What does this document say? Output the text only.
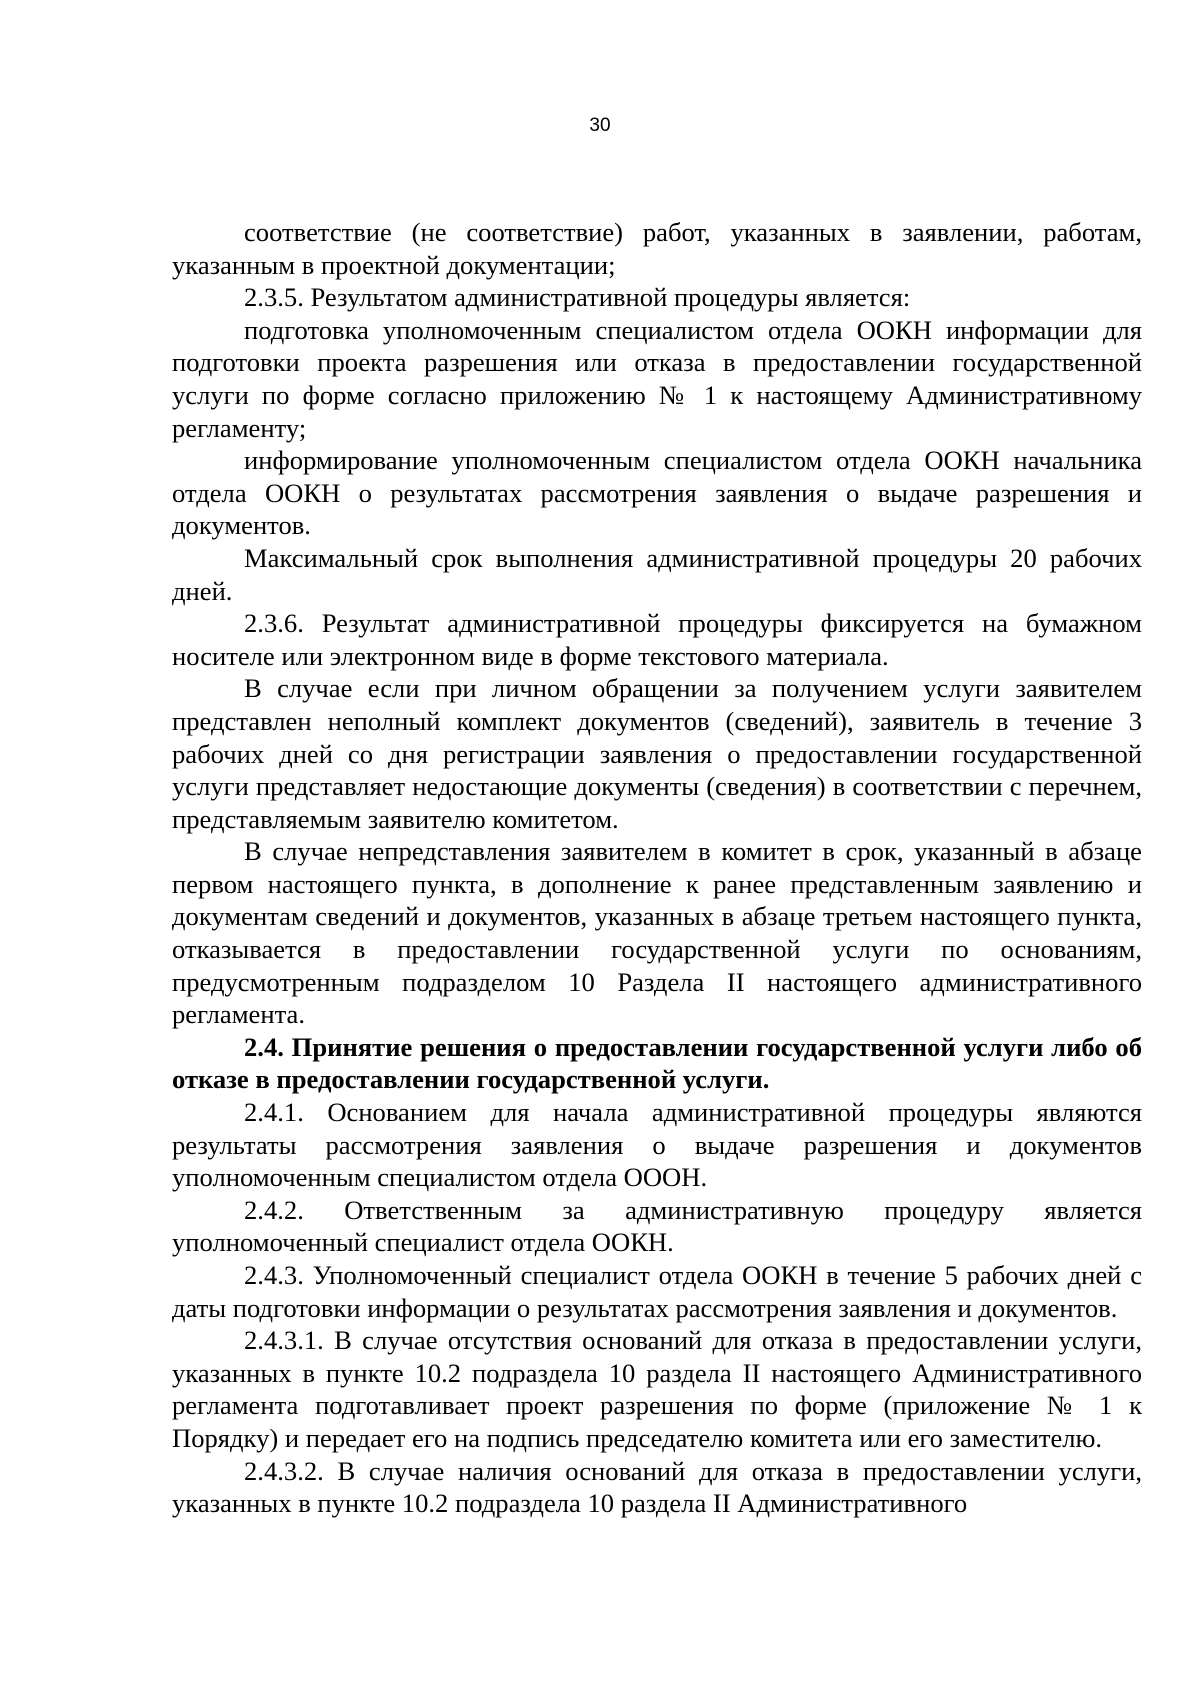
30

соответствие (не соответствие) работ, указанных в заявлении, работам, указанным в проектной документации;

2.3.5. Результатом административной процедуры является:

подготовка уполномоченным специалистом отдела ООКН информации для подготовки проекта разрешения или отказа в предоставлении государственной услуги по форме согласно приложению № 1 к настоящему Административному регламенту;

информирование уполномоченным специалистом отдела ООКН начальника отдела ООКН о результатах рассмотрения заявления о выдаче разрешения и документов.

Максимальный срок выполнения административной процедуры 20 рабочих дней.

2.3.6. Результат административной процедуры фиксируется на бумажном носителе или электронном виде в форме текстового материала.

В случае если при личном обращении за получением услуги заявителем представлен неполный комплект документов (сведений), заявитель в течение 3 рабочих дней со дня регистрации заявления о предоставлении государственной услуги представляет недостающие документы (сведения) в соответствии с перечнем, представляемым заявителю комитетом.

В случае непредставления заявителем в комитет в срок, указанный в абзаце первом настоящего пункта, в дополнение к ранее представленным заявлению и документам сведений и документов, указанных в абзаце третьем настоящего пункта, отказывается в предоставлении государственной услуги по основаниям, предусмотренным подразделом 10 Раздела II настоящего административного регламента.

2.4. Принятие решения о предоставлении государственной услуги либо об отказе в предоставлении государственной услуги.

2.4.1. Основанием для начала административной процедуры являются результаты рассмотрения заявления о выдаче разрешения и документов уполномоченным специалистом отдела ОООН.

2.4.2. Ответственным за административную процедуру является уполномоченный специалист отдела ООКН.

2.4.3. Уполномоченный специалист отдела ООКН в течение 5 рабочих дней с даты подготовки информации о результатах рассмотрения заявления и документов.

2.4.3.1. В случае отсутствия оснований для отказа в предоставлении услуги, указанных в пункте 10.2 подраздела 10 раздела II настоящего Административного регламента подготавливает проект разрешения по форме (приложение № 1 к Порядку) и передает его на подпись председателю комитета или его заместителю.

2.4.3.2. В случае наличия оснований для отказа в предоставлении услуги, указанных в пункте 10.2 подраздела 10 раздела II Административного
